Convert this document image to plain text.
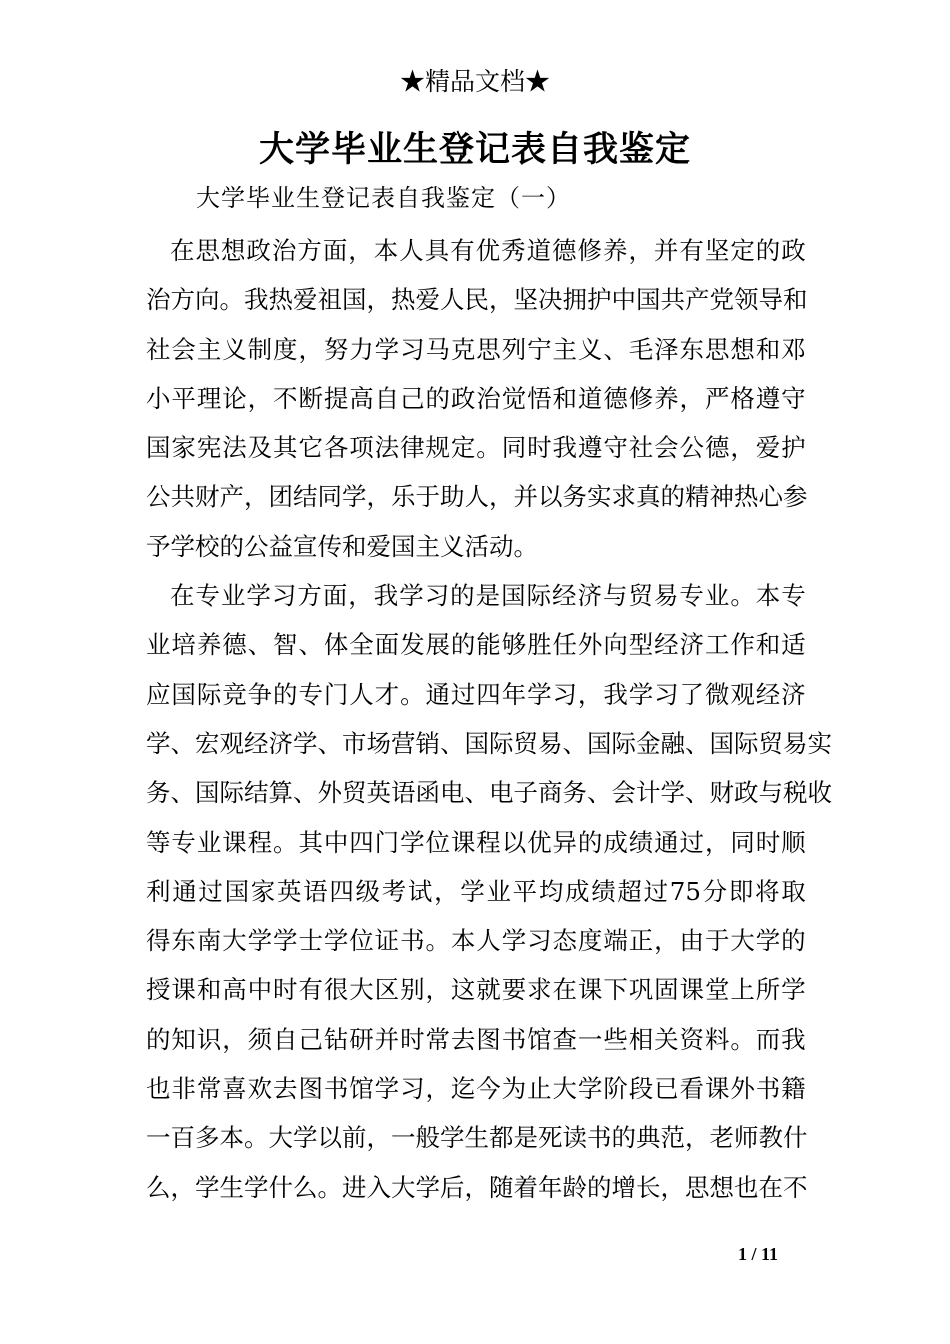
★精品文档★
大学毕业生登记表自我鉴定
大学毕业生登记表自我鉴定（一）
在 思 想 政 治 方 面 ， 本 人 具 有 优 秀 道 德 修 养 ， 并 有 坚 定 的 政
治 方 向 。 我 热 爱 祖 国 ， 热 爱 人 民 ， 坚 决 拥 护 中 国 共 产 党 领 导 和
社 会 主 义 制 度 ， 努 力 学 习 马 克 思 列 宁 主 义 、 毛 泽 东 思 想 和 邓
小 平 理 论 ， 不 断 提 高 自 己 的 政 治 觉 悟 和 道 德 修 养 ， 严 格 遵 守
国 家 宪 法 及 其 它 各 项 法 律 规 定 。 同 时 我 遵 守 社 会 公 德 ， 爱 护
公 共 财 产 ， 团 结 同 学 ， 乐 于 助 人 ， 并 以 务 实 求 真 的 精 神 热 心 参
予 学 校 的 公 益 宣 传 和 爱 国 主 义 活 动 。
在 专 业 学 习 方 面 ， 我 学 习 的 是 国 际 经 济 与 贸 易 专 业 。 本 专
业 培 养 德 、 智 、 体 全 面 发 展 的 能 够 胜 任 外 向 型 经 济 工 作 和 适
应 国 际 竞 争 的 专 门 人 才 。 通 过 四 年 学 习 ， 我 学 习 了 微 观 经 济
学 、 宏 观 经 济 学 、 市 场 营 销 、 国 际 贸 易 、 国 际 金 融 、 国 际 贸 易 实
务 、 国 际 结 算 、 外 贸 英 语 函 电 、 电 子 商 务 、 会 计 学 、 财 政 与 税 收
等 专 业 课 程 。 其 中 四 门 学 位 课 程 以 优 异 的 成 绩 通 过 ， 同 时 顺
利 通 过 国 家 英 语 四 级 考 试 ， 学 业 平 均 成 绩 超 过 75 分 即 将 取
得 东 南 大 学 学 士 学 位 证 书 。 本 人 学 习 态 度 端 正 ， 由 于 大 学 的
授 课 和 高 中 时 有 很 大 区 别 ， 这 就 要 求 在 课 下 巩 固 课 堂 上 所 学
的 知 识 ， 须 自 己 钻 研 并 时 常 去 图 书 馆 查 一 些 相 关 资 料 。 而 我
也 非 常 喜 欢 去 图 书 馆 学 习 ， 迄 今 为 止 大 学 阶 段 已 看 课 外 书 籍
一 百 多 本 。 大 学 以 前 ， 一 般 学 生 都 是 死 读 书 的 典 范 ， 老 师 教 什
么 ， 学 生 学 什 么 。 进 入 大 学 后 ， 随 着 年 龄 的 增 长 ， 思 想 也 在 不
1 / 11
